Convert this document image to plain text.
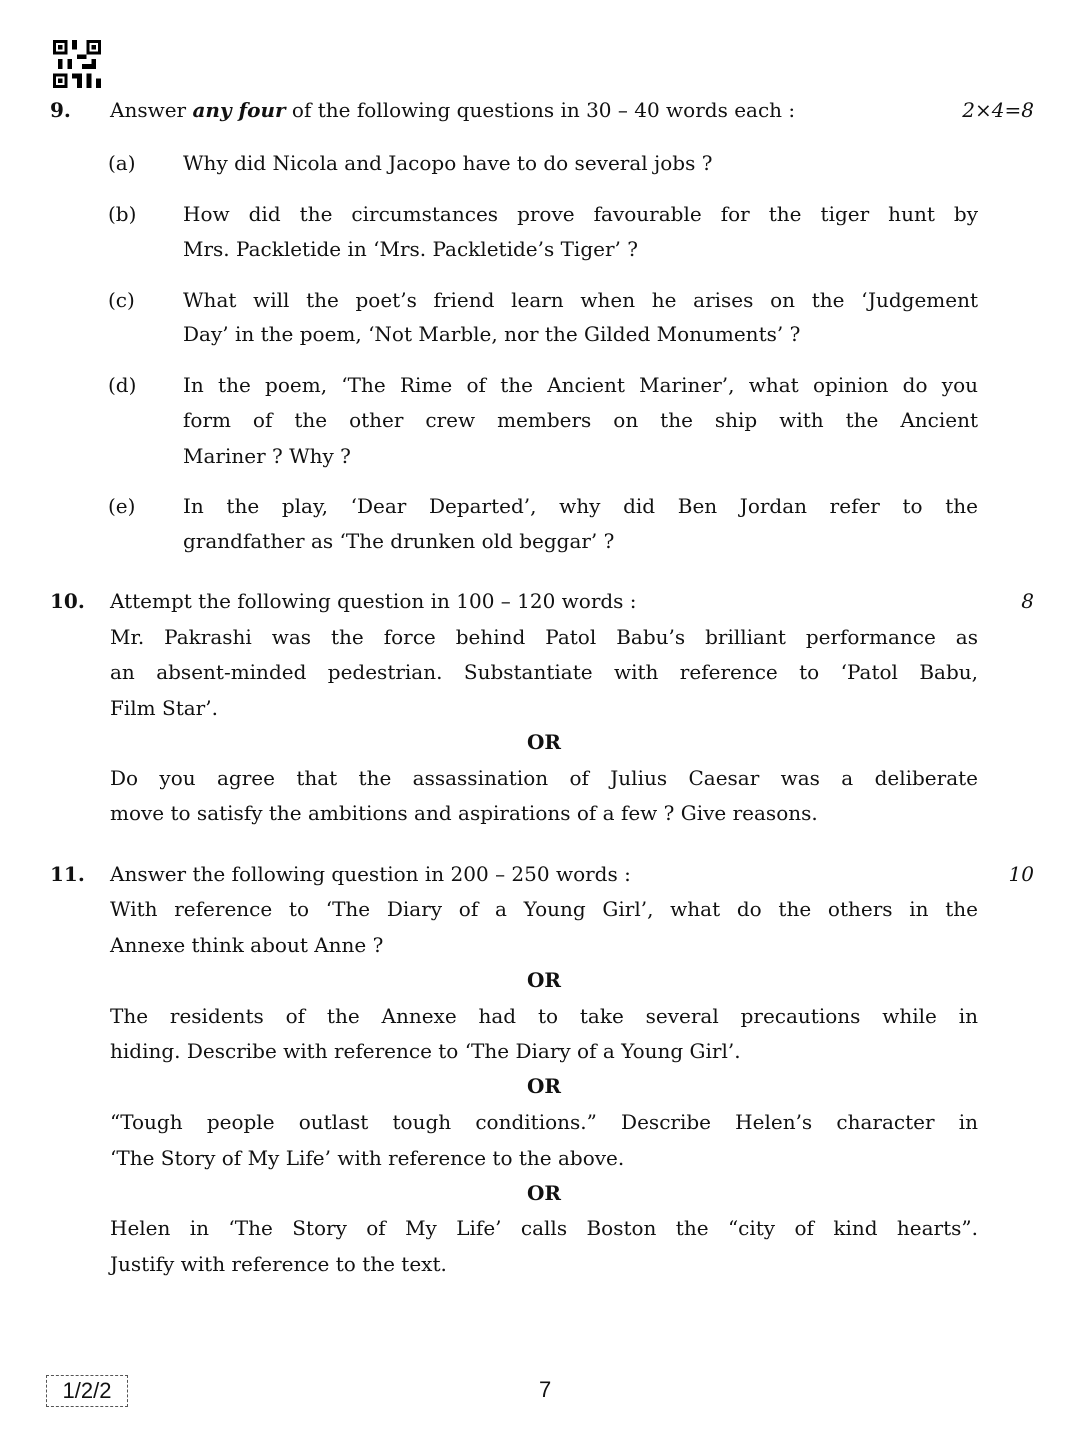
9. Answer any four of the following questions in 30 – 40 words each :	2×4=8
(a) Why did Nicola and Jacopo have to do several jobs ?
(b) How did the circumstances prove favourable for the tiger hunt by
Mrs. Packletide in ‘Mrs. Packletide’s Tiger’ ?
(c) What will the poet’s friend learn when he arises on the ‘Judgement
Day’ in the poem, ‘Not Marble, nor the Gilded Monuments’ ?
(d) In the poem, ‘The Rime of the Ancient Mariner’, what opinion do you
form of the other crew members on the ship with the Ancient
Mariner ? Why ?
(e) In the play, ‘Dear Departed’, why did Ben Jordan refer to the
grandfather as ‘The drunken old beggar’ ?
10. Attempt the following question in 100 – 120 words :	8
Mr. Pakrashi was the force behind Patol Babu’s brilliant performance as
an absent-minded pedestrian. Substantiate with reference to ‘Patol Babu,
Film Star’.
OR
Do you agree that the assassination of Julius Caesar was a deliberate
move to satisfy the ambitions and aspirations of a few ? Give reasons.
11. Answer the following question in 200 – 250 words :	10
With reference to ‘The Diary of a Young Girl’, what do the others in the
Annexe think about Anne ?
OR
The residents of the Annexe had to take several precautions while in
hiding. Describe with reference to ‘The Diary of a Young Girl’.
OR
“Tough people outlast tough conditions.” Describe Helen’s character in
‘The Story of My Life’ with reference to the above.
OR
Helen in ‘The Story of My Life’ calls Boston the “city of kind hearts”.
Justify with reference to the text.
1/2/2	7
